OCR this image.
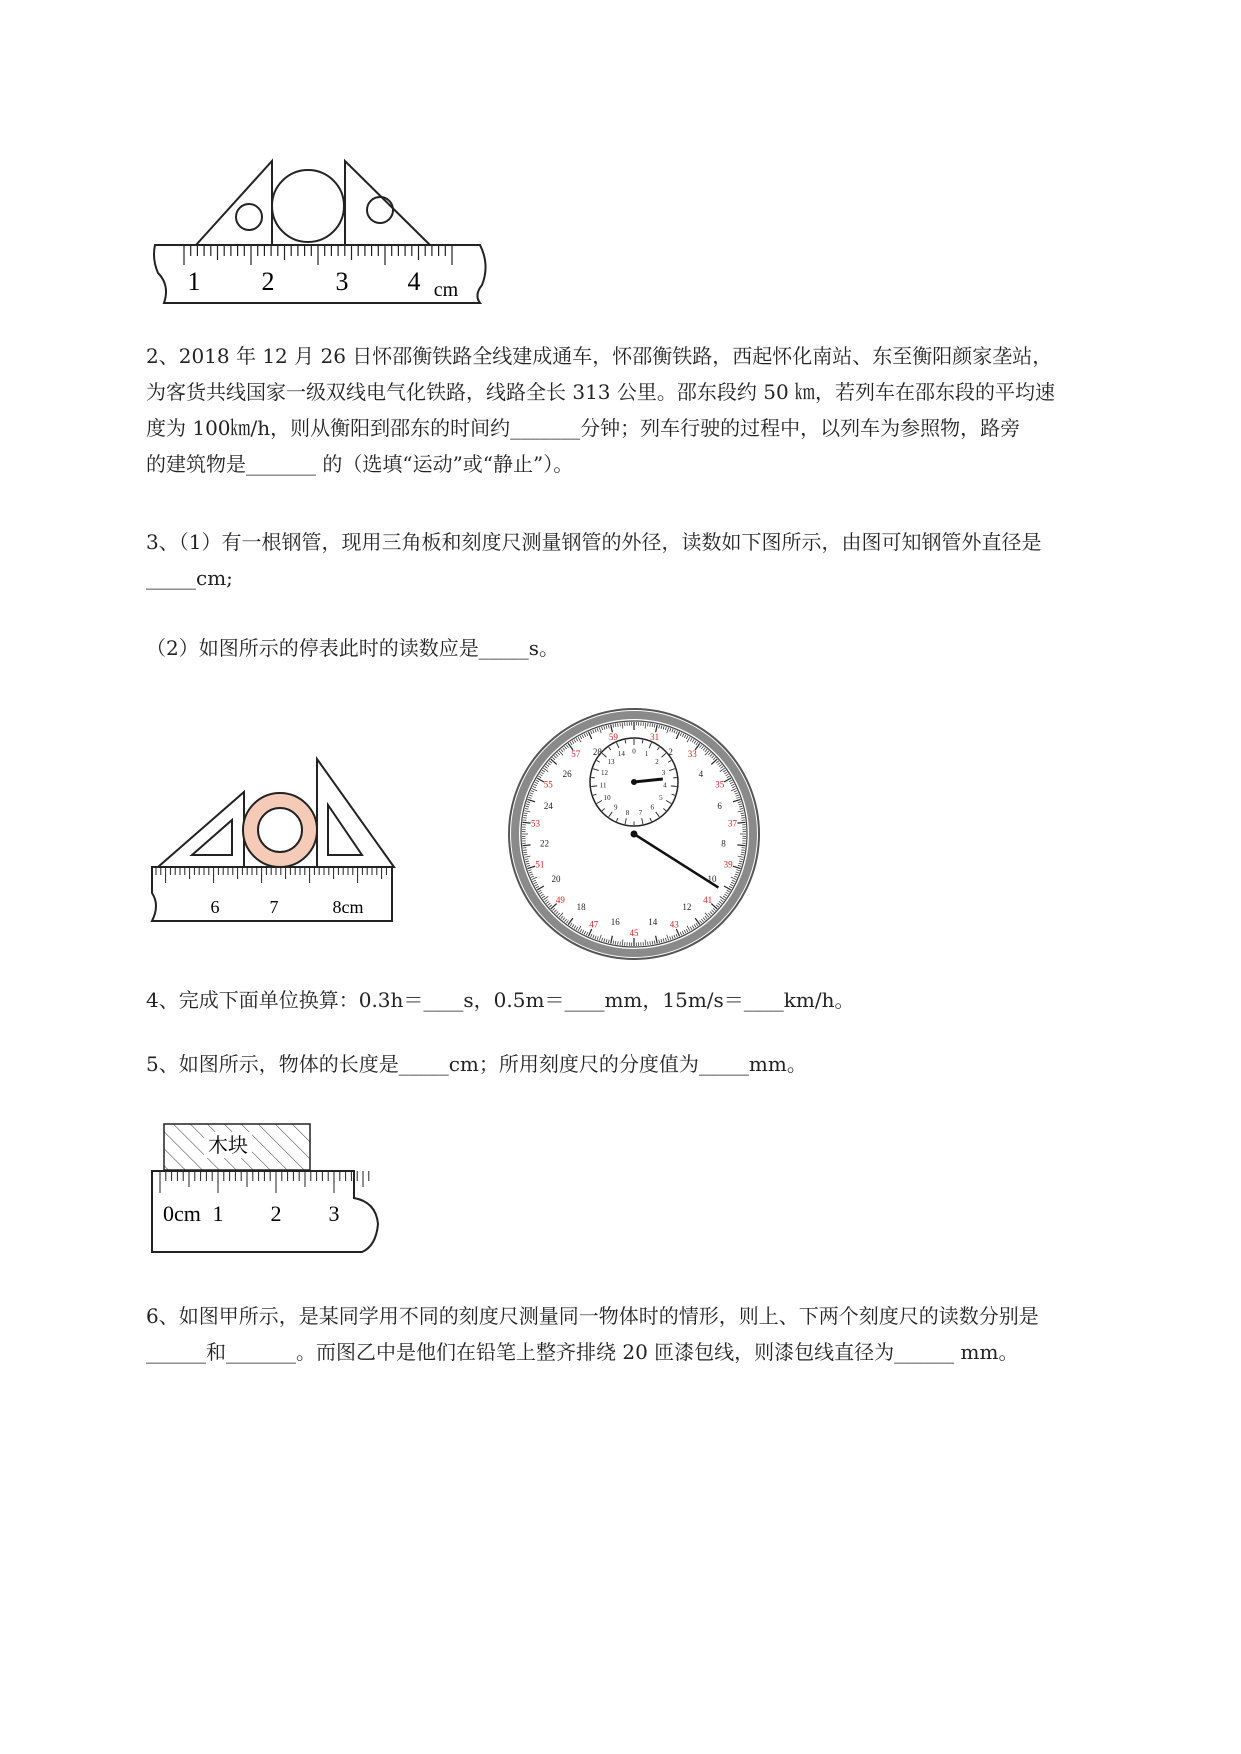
1 2 3 4 cm

2、2018 年 12 月 26 日怀邵衡铁路全线建成通车，怀邵衡铁路，西起怀化南站、东至衡阳颜家垄站，
为客货共线国家一级双线电气化铁路，线路全长 313 公里。邵东段约 50 ㎞，若列车在邵东段的平均速
度为 100㎞/h，则从衡阳到邵东的时间约_______分钟；列车行驶的过程中，以列车为参照物，路旁
的建筑物是_______ 的（选填“运动”或“静止”）。

3、（1）有一根钢管，现用三角板和刻度尺测量钢管的外径，读数如下图所示，由图可知钢管外直径是
_____cm;

（2）如图所示的停表此时的读数应是_____s。

6	7	8cm
2
4
6
8
10
12
14
16
18
20
22
24
26
28
31
33
35
37
39
41
43
45
47
49
51
53
55
57
59
0 1
2
3
4
5
6
7
8
9
10
11
12
13
14

4、完成下面单位换算：0.3h＝____s，0.5m＝____mm，15m/s＝____km/h。

5、如图所示，物体的长度是_____cm；所用刻度尺的分度值为_____mm。

木块
0cm 1 2 3

6、如图甲所示，是某同学用不同的刻度尺测量同一物体时的情形，则上、下两个刻度尺的读数分别是
______和_______。而图乙中是他们在铅笔上整齐排绕 20 匝漆包线，则漆包线直径为______ mm。
